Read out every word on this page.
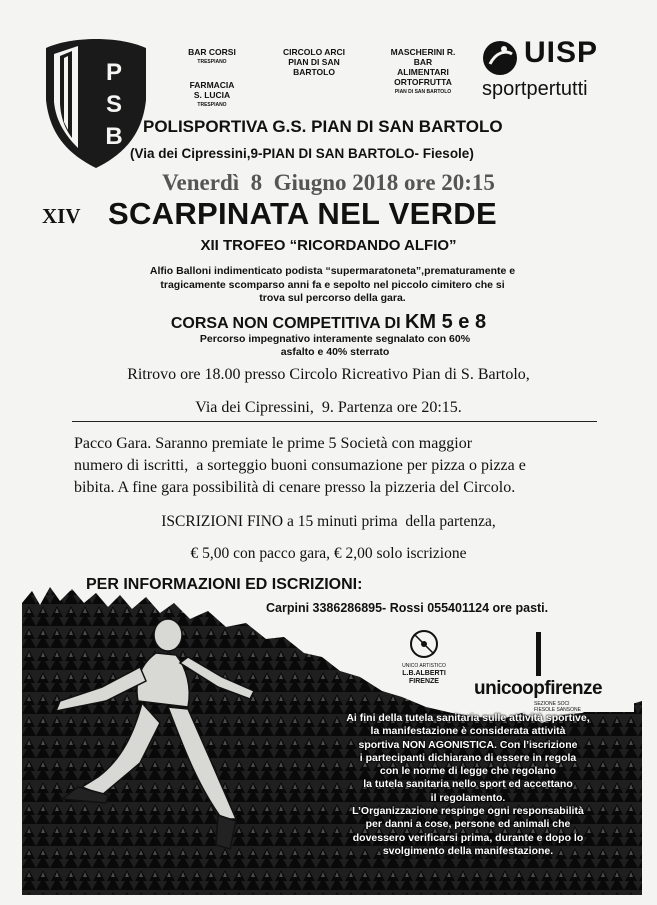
P
S
B
BAR CORSI
TRESPIANO
FARMACIA
S. LUCIA
TRESPIANO
CIRCOLO ARCI
PIAN DI SAN
BARTOLO
MASCHERINI R.
BAR
ALIMENTARI
ORTOFRUTTA
PIAN DI SAN BARTOLO
UISP
sportpertutti
POLISPORTIVA G.S. PIAN DI SAN BARTOLO
(Via dei Cipressini,9-PIAN DI SAN BARTOLO- Fiesole)
Venerdì  8  Giugno 2018 ore 20:15
XIV SCARPINATA NEL VERDE
XII TROFEO “RICORDANDO ALFIO”
Alfio Balloni indimenticato podista “supermaratoneta”,prematuramente e
tragicamente scomparso anni fa e sepolto nel piccolo cimitero che si
trova sul percorso della gara.
CORSA NON COMPETITIVA DI KM 5 e 8
Percorso impegnativo interamente segnalato con 60%
asfalto e 40% sterrato
Ritrovo ore 18.00 presso Circolo Ricreativo Pian di S. Bartolo,
Via dei Cipressini,  9. Partenza ore 20:15.
Pacco Gara. Saranno premiate le prime 5 Società con maggior
numero di iscritti,  a sorteggio buoni consumazione per pizza o pizza e
bibita. A fine gara possibilità di cenare presso la pizzeria del Circolo.
ISCRIZIONI FINO a 15 minuti prima  della partenza,
€ 5,00 con pacco gara, € 2,00 solo iscrizione
PER INFORMAZIONI ED ISCRIZIONI:
Carpini 3386286895- Rossi 055401124 ore pasti.
UNICO ARTISTICO
L.B.ALBERTI
FIRENZE	unicoopfirenze
SEZIONE SOCI
FIESOLE SANSONE
Ai fini della tutela sanitaria sulle attività sportive,
la manifestazione è considerata attività
sportiva NON AGONISTICA. Con l’iscrizione
i partecipanti dichiarano di essere in regola
con le norme di legge che regolano
la tutela sanitaria nello sport ed accettano
il regolamento.
L’Organizzazione respinge ogni responsabilità
per danni a cose, persone ed animali che
dovessero verificarsi prima, durante e dopo lo
svolgimento della manifestazione.
